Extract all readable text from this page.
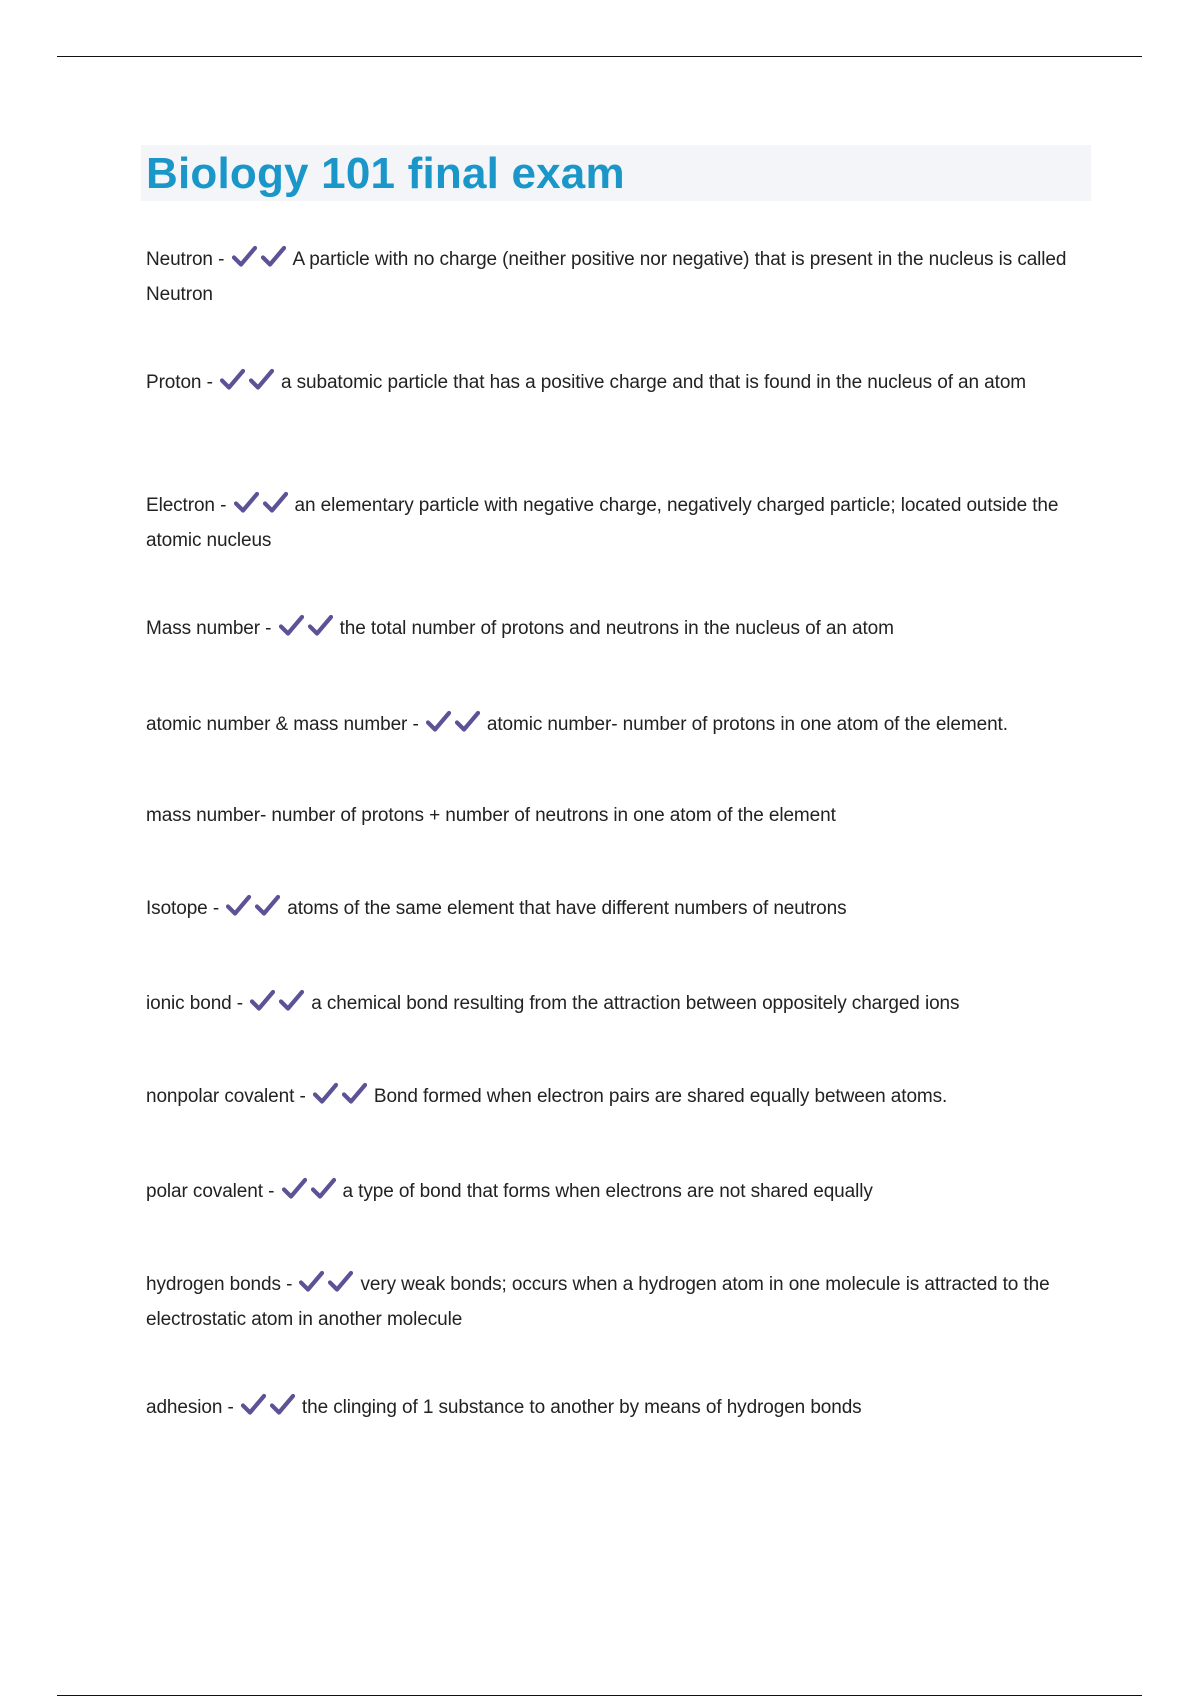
Biology 101 final exam
Neutron -	A particle with no charge (neither positive nor negative) that is present in the nucleus is called Neutron
Proton -	a subatomic particle that has a positive charge and that is found in the nucleus of an atom
Electron -	an elementary particle with negative charge, negatively charged particle; located outside the atomic nucleus
Mass number -	the total number of protons and neutrons in the nucleus of an atom
atomic number & mass number -	atomic number- number of protons in one atom of the element.
mass number- number of protons + number of neutrons in one atom of the element
Isotope -	atoms of the same element that have different numbers of neutrons
ionic bond -	a chemical bond resulting from the attraction between oppositely charged ions
nonpolar covalent -	Bond formed when electron pairs are shared equally between atoms.
polar covalent -	a type of bond that forms when electrons are not shared equally
hydrogen bonds -	very weak bonds; occurs when a hydrogen atom in one molecule is attracted to the electrostatic atom in another molecule
adhesion -	the clinging of 1 substance to another by means of hydrogen bonds
